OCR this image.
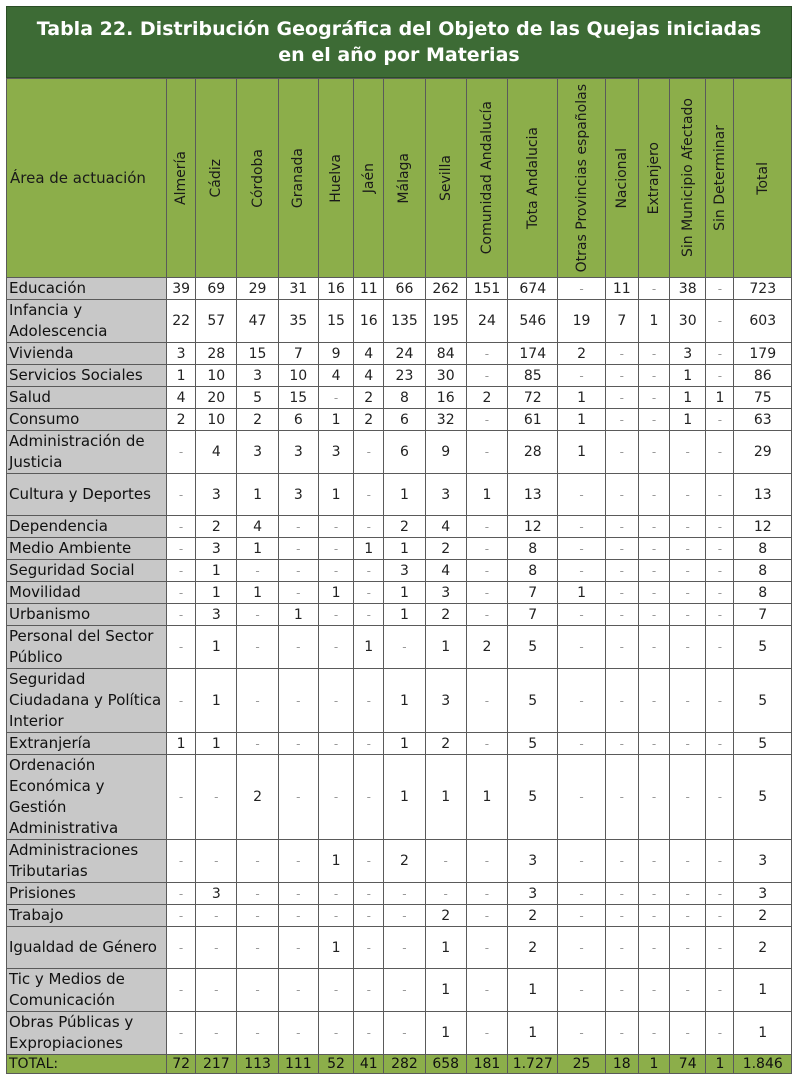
Tabla 22. Distribución Geográfica del Objeto de las Quejas iniciadas
en el año por Materias
Área de actuación	Almería	Cádiz	Córdoba	Granada	Huelva	Jaén	Málaga	Sevilla	Comunidad Andalucía	Tota Andalucia	Otras Provincias españolas	Nacional	Extranjero	Sin Municipio Afectado	Sin Determinar	Total

Educación	39	69	29	31	16	11	66	262	151	674	-	11	-	38	-	723
Infancia y Adolescencia	22	57	47	35	15	16	135	195	24	546	19	7	1	30	-	603
Vivienda	3	28	15	7	9	4	24	84	-	174	2	-	-	3	-	179
Servicios Sociales	1	10	3	10	4	4	23	30	-	85	-	-	-	1	-	86
Salud	4	20	5	15	-	2	8	16	2	72	1	-	-	1	1	75
Consumo	2	10	2	6	1	2	6	32	-	61	1	-	-	1	-	63
Administración de Justicia	-	4	3	3	3	-	6	9	-	28	1	-	-	-	-	29
Cultura y Deportes	-	3	1	3	1	-	1	3	1	13	-	-	-	-	-	13
Dependencia	-	2	4	-	-	-	2	4	-	12	-	-	-	-	-	12
Medio Ambiente	-	3	1	-	-	1	1	2	-	8	-	-	-	-	-	8
Seguridad Social	-	1	-	-	-	-	3	4	-	8	-	-	-	-	-	8
Movilidad	-	1	1	-	1	-	1	3	-	7	1	-	-	-	-	8
Urbanismo	-	3	-	1	-	-	1	2	-	7	-	-	-	-	-	7
Personal del Sector Público	-	1	-	-	-	1	-	1	2	5	-	-	-	-	-	5
Seguridad Ciudadana y Política Interior	-	1	-	-	-	-	1	3	-	5	-	-	-	-	-	5
Extranjería	1	1	-	-	-	-	1	2	-	5	-	-	-	-	-	5
Ordenación Económica y Gestión Administrativa	-	-	2	-	-	-	1	1	1	5	-	-	-	-	-	5
Administraciones Tributarias	-	-	-	-	1	-	2	-	-	3	-	-	-	-	-	3
Prisiones	-	3	-	-	-	-	-	-	-	3	-	-	-	-	-	3
Trabajo	-	-	-	-	-	-	-	2	-	2	-	-	-	-	-	2
Igualdad de Género	-	-	-	-	1	-	-	1	-	2	-	-	-	-	-	2
Tic y Medios de Comunicación	-	-	-	-	-	-	-	1	-	1	-	-	-	-	-	1
Obras Públicas y Expropiaciones	-	-	-	-	-	-	-	1	-	1	-	-	-	-	-	1
TOTAL:	72	217	113	111	52	41	282	658	181	1.727	25	18	1	74	1	1.846
